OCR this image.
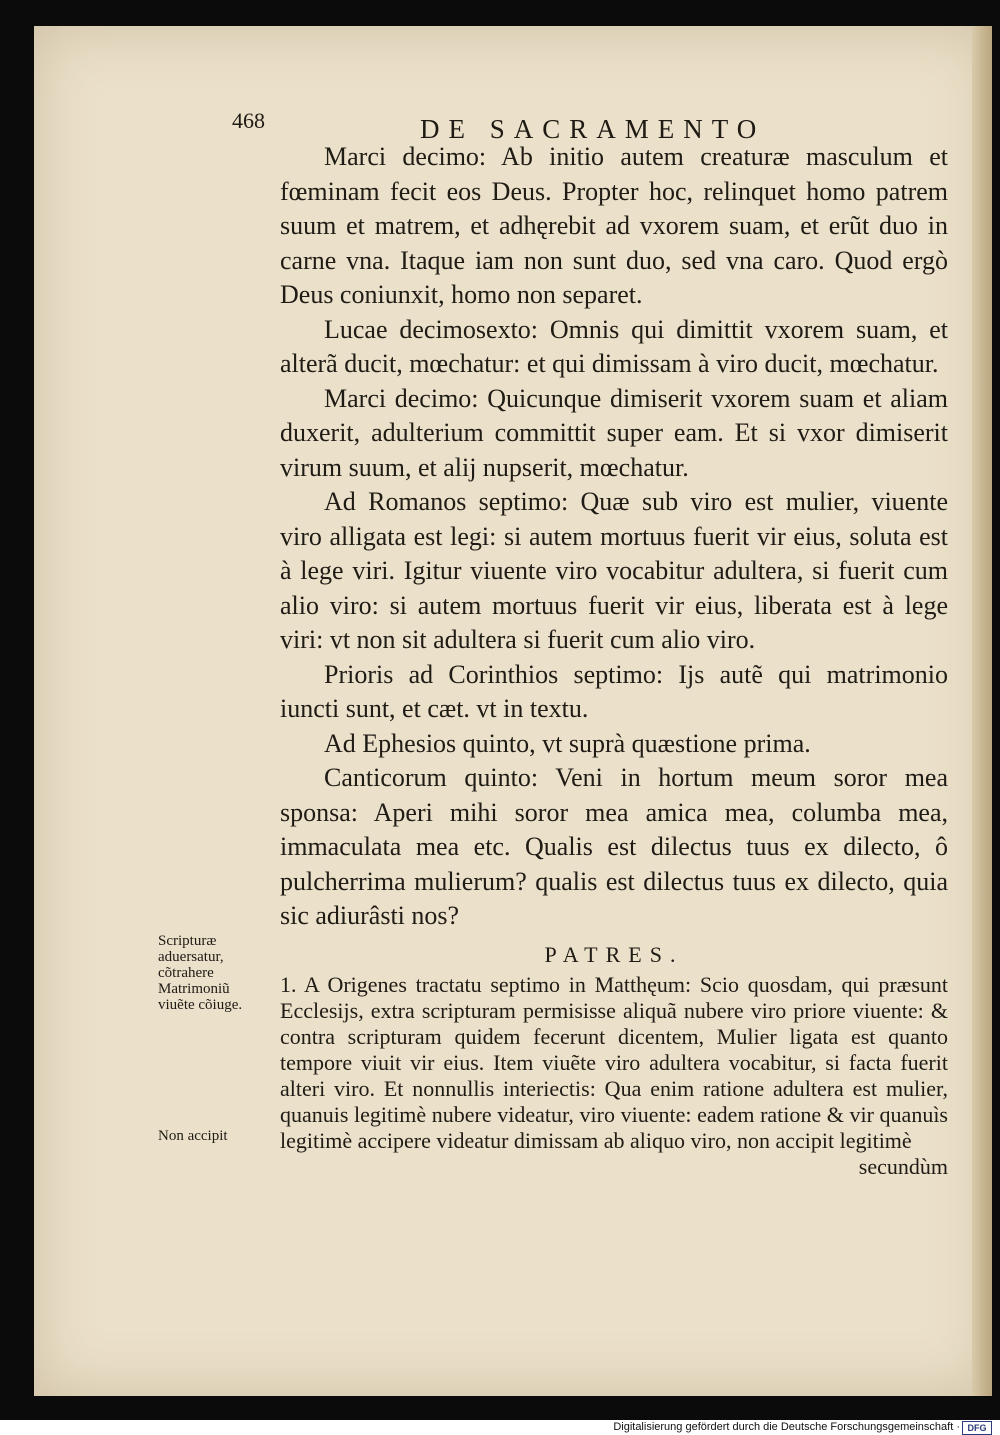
468	DE SACRAMENTO

Marci decimo: Ab initio autem creaturæ masculum et fœminam fecit eos Deus. Propter hoc, relinquet homo patrem suum et matrem, et adhęrebit ad vxorem suam, et erũt duo in carne vna. Itaque iam non sunt duo, sed vna caro. Quod ergò Deus coniunxit, homo non separet.

Lucae decimosexto: Omnis qui dimittit vxorem suam, et alterã ducit, mœchatur: et qui dimissam à viro ducit, mœchatur.

Marci decimo: Quicunque dimiserit vxorem suam et aliam duxerit, adulterium committit super eam. Et si vxor dimiserit virum suum, et alij nupserit, mœchatur.

Ad Romanos septimo: Quæ sub viro est mulier, viuente viro alligata est legi: si autem mortuus fuerit vir eius, soluta est à lege viri. Igitur viuente viro vocabitur adultera, si fuerit cum alio viro: si autem mortuus fuerit vir eius, liberata est à lege viri: vt non sit adultera si fuerit cum alio viro.

Prioris ad Corinthios septimo: Ijs autẽ qui matrimonio iuncti sunt, et cæt. vt in textu.

Ad Ephesios quinto, vt suprà quæstione prima.

Canticorum quinto: Veni in hortum meum soror mea sponsa: Aperi mihi soror mea amica mea, columba mea, immaculata mea etc. Qualis est dilectus tuus ex dilecto, ô pulcherrima mulierum? qualis est dilectus tuus ex dilecto, quia sic adiurâsti nos?

PATRES.

1. A Origenes tractatu septimo in Matthęum: Scio quosdam, qui præsunt Ecclesijs, extra scripturam permisisse aliquã nubere viro priore viuente: & contra scripturam quidem fecerunt dicentem, Mulier ligata est quanto tempore viuit vir eius. Item viuẽte viro adultera vocabitur, si facta fuerit alteri viro. Et nonnullis interiectis: Qua enim ratione adultera est mulier, quanuis legitimè nubere videatur, viro viuente: eadem ratione & vir quanuìs legitimè accipere videatur dimissam ab aliquo viro, non accipit legitimè

secundùm
Scripturæ aduersatur, cõtrahere Matrimoniũ viuẽte cõiuge.
Non accipit
Digitalisierung gefördert durch die Deutsche Forschungsgemeinschaft · DFG
